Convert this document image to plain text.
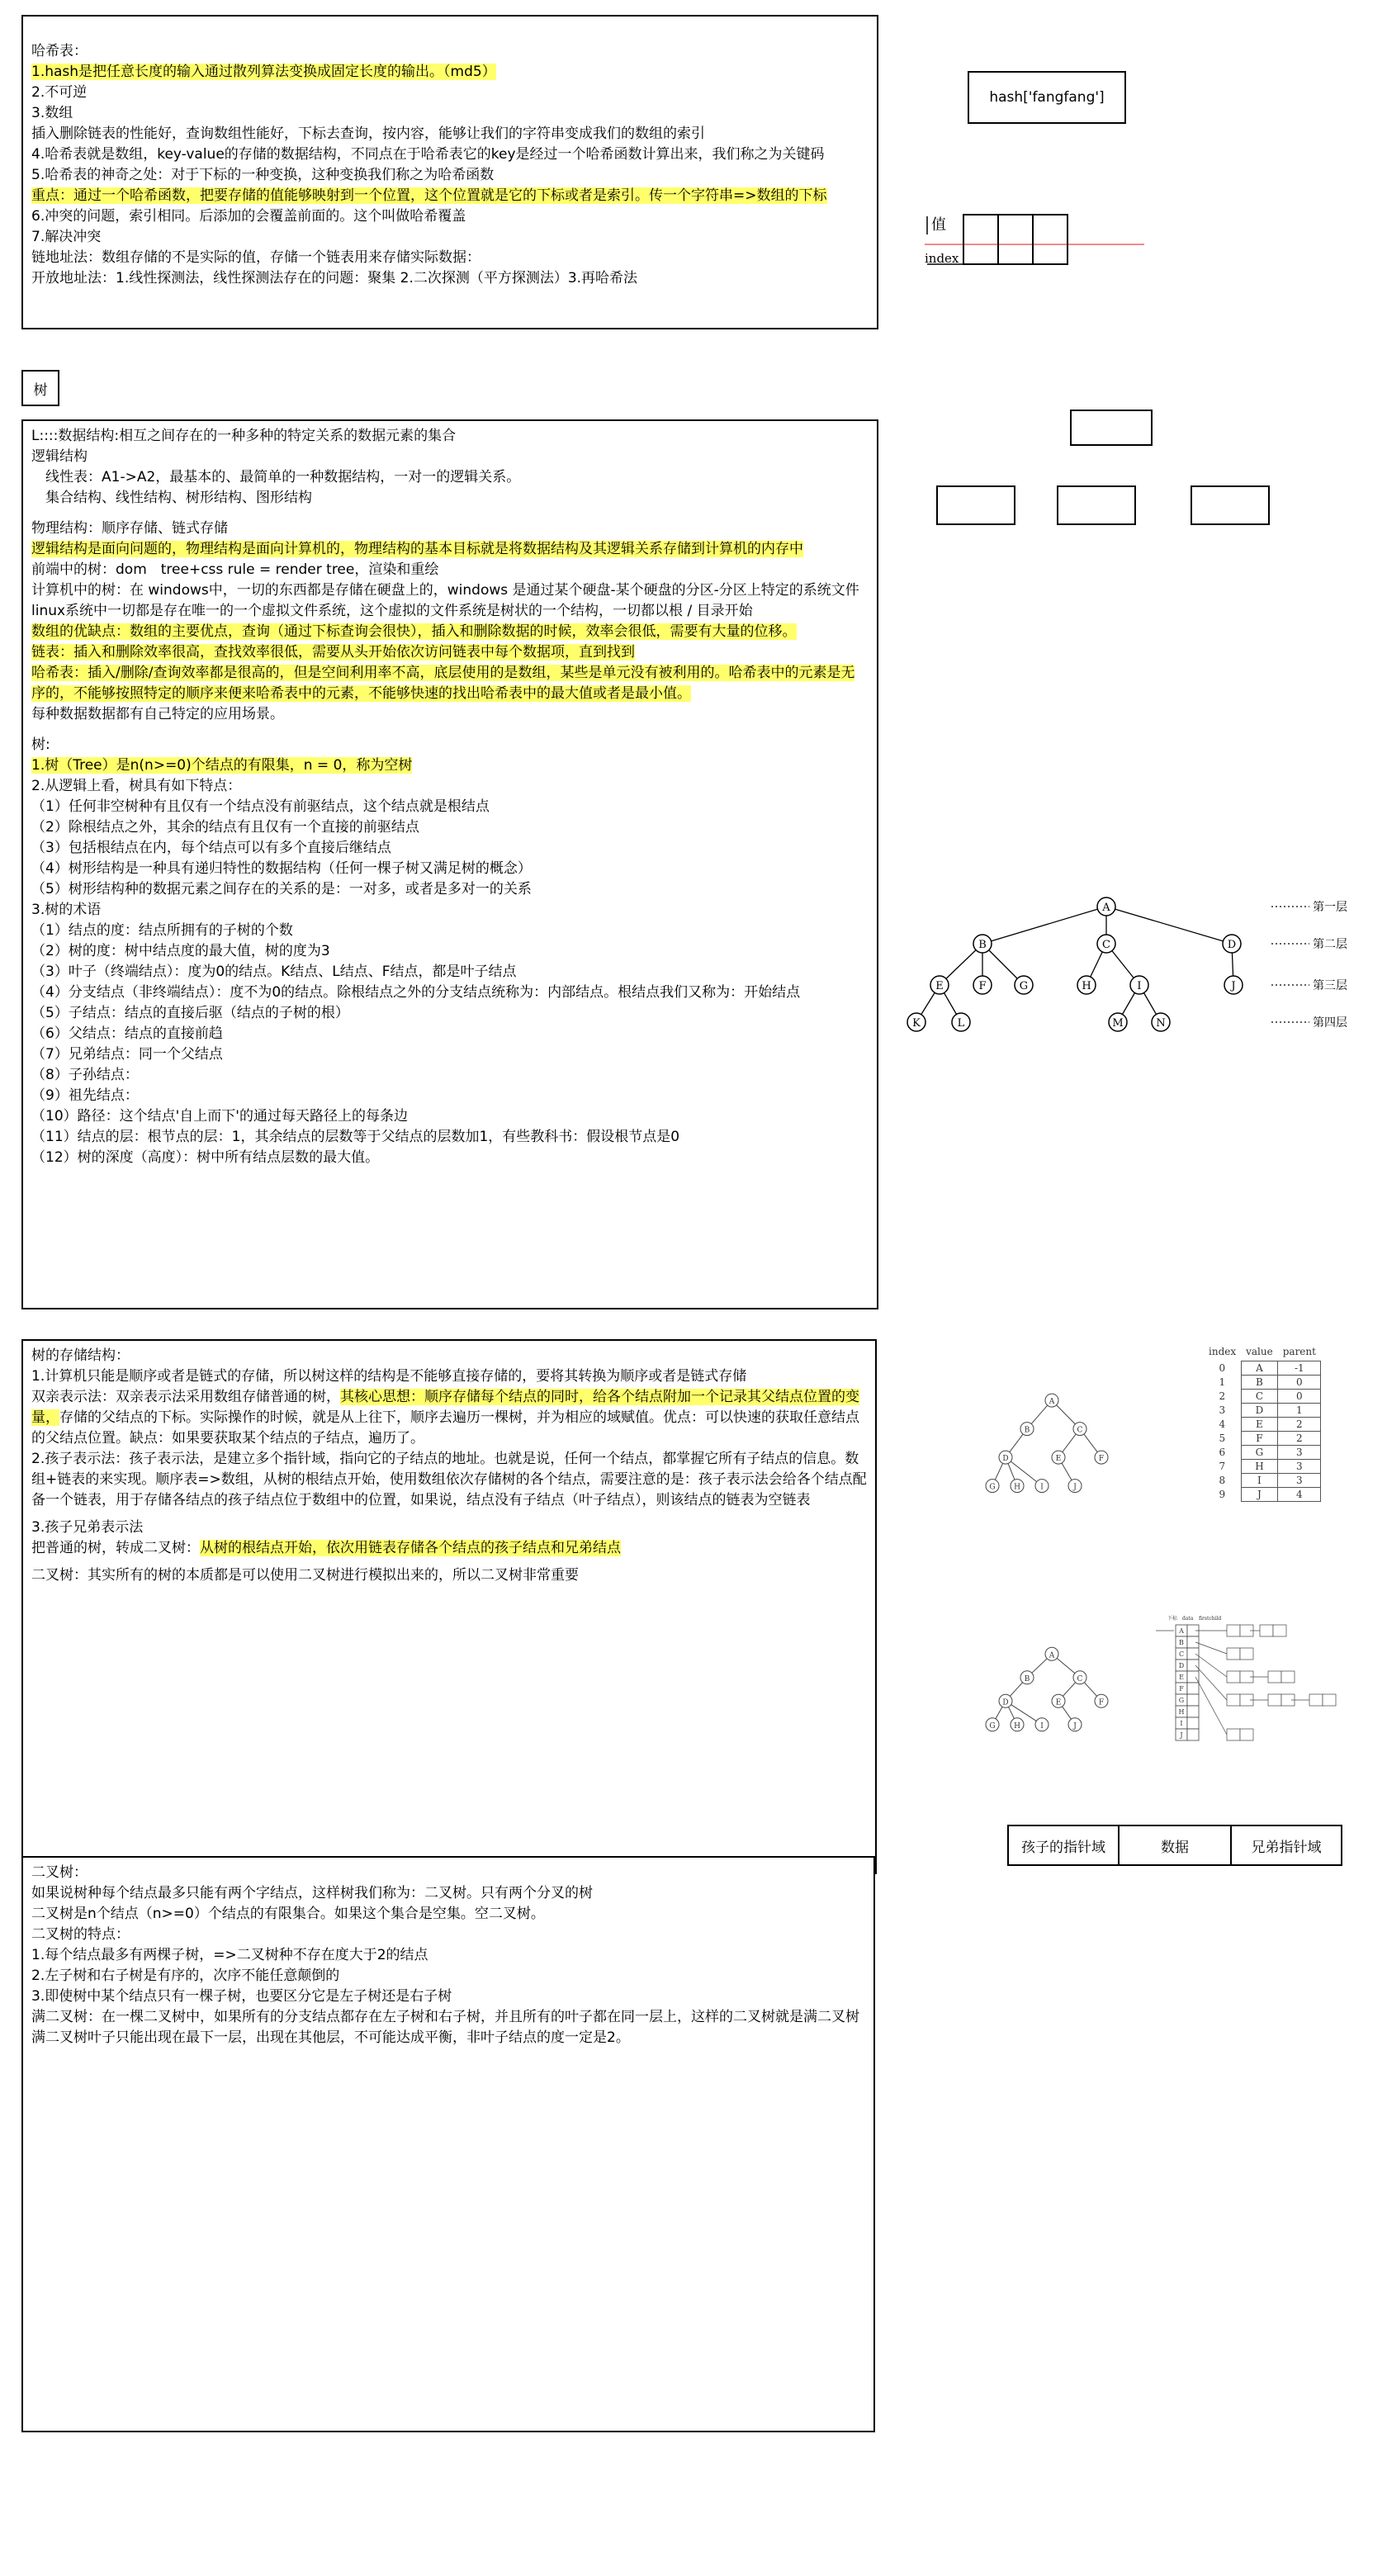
哈希表：
1.hash是把任意长度的输入通过散列算法变换成固定长度的输出。（md5）
2.不可逆
3.数组
插入删除链表的性能好，查询数组性能好，下标去查询，按内容，能够让我们的字符串变成我们的数组的索引
4.哈希表就是数组，key-value的存储的数据结构，不同点在于哈希表它的key是经过一个哈希函数计算出来，我们称之为关键码
5.哈希表的神奇之处：对于下标的一种变换，这种变换我们称之为哈希函数
重点：通过一个哈希函数，把要存储的值能够映射到一个位置，这个位置就是它的下标或者是索引。传一个字符串=>数组的下标
6.冲突的问题，索引相同。后添加的会覆盖前面的。这个叫做哈希覆盖
7.解决冲突
链地址法：数组存储的不是实际的值，存储一个链表用来存储实际数据：
开放地址法：1.线性探测法，线性探测法存在的问题：聚集 2.二次探测（平方探测法）3.再哈希法
hash['fangfang']
值
index
树
L::::数据结构:相互之间存在的一种多种的特定关系的数据元素的集合
逻辑结构
　线性表：A1->A2，最基本的、最简单的一种数据结构，一对一的逻辑关系。
　集合结构、线性结构、树形结构、图形结构
物理结构：顺序存储、链式存储
逻辑结构是面向问题的，物理结构是面向计算机的，物理结构的基本目标就是将数据结构及其逻辑关系存储到计算机的内存中
前端中的树：dom　tree+css rule = render tree，渲染和重绘
计算机中的树：在 windows中，一切的东西都是存储在硬盘上的，windows 是通过某个硬盘-某个硬盘的分区-分区上特定的系统文件
linux系统中一切都是存在唯一的一个虚拟文件系统，这个虚拟的文件系统是树状的一个结构，一切都以根 / 目录开始
数组的优缺点：数组的主要优点，查询（通过下标查询会很快），插入和删除数据的时候，效率会很低，需要有大量的位移。
链表：插入和删除效率很高，查找效率很低，需要从头开始依次访问链表中每个数据项，直到找到
哈希表：插入/删除/查询效率都是很高的，但是空间利用率不高，底层使用的是数组，某些是单元没有被利用的。哈希表中的元素是无序的，不能够按照特定的顺序来便来哈希表中的元素，不能够快速的找出哈希表中的最大值或者是最小值。
每种数据数据都有自己特定的应用场景。
树:
1.树（Tree）是n(n>=0)个结点的有限集，n = 0，称为空树
2.从逻辑上看，树具有如下特点：
（1）任何非空树种有且仅有一个结点没有前驱结点，这个结点就是根结点
（2）除根结点之外，其余的结点有且仅有一个直接的前驱结点
（3）包括根结点在内，每个结点可以有多个直接后继结点
（4）树形结构是一种具有递归特性的数据结构（任何一棵子树又满足树的概念）
（5）树形结构种的数据元素之间存在的关系的是：一对多，或者是多对一的关系
3.树的术语
（1）结点的度：结点所拥有的子树的个数
（2）树的度：树中结点度的最大值，树的度为3
（3）叶子（终端结点）：度为0的结点。K结点、L结点、F结点，都是叶子结点
（4）分支结点（非终端结点）：度不为0的结点。除根结点之外的分支结点统称为：内部结点。根结点我们又称为：开始结点
（5）子结点：结点的直接后驱（结点的子树的根）
（6）父结点：结点的直接前趋
（7）兄弟结点：同一个父结点
（8）子孙结点：
（9）祖先结点：
（10）路径：这个结点'自上而下'的通过每天路径上的每条边
（11）结点的层：根节点的层：1，其余结点的层数等于父结点的层数加1，有些教科书：假设根节点是0
（12）树的深度（高度）：树中所有结点层数的最大值。
A
B	C	D
E	F	G	H	I	J
K	L	M	N
第一层
第二层
第三层
第四层
树的存储结构：
1.计算机只能是顺序或者是链式的存储，所以树这样的结构是不能够直接存储的，要将其转换为顺序或者是链式存储
双亲表示法：双亲表示法采用数组存储普通的树，其核心思想：顺序存储每个结点的同时，给各个结点附加一个记录其父结点位置的变量，存储的父结点的下标。实际操作的时候，就是从上往下，顺序去遍历一棵树，并为相应的域赋值。优点：可以快速的获取任意结点的父结点位置。缺点：如果要获取某个结点的子结点，遍历了。
2.孩子表示法：孩子表示法，是建立多个指针域，指向它的子结点的地址。也就是说，任何一个结点，都掌握它所有子结点的信息。数组+链表的来实现。顺序表=>数组，从树的根结点开始，使用数组依次存储树的各个结点，需要注意的是：孩子表示法会给各个结点配备一个链表，用于存储各结点的孩子结点位于数组中的位置，如果说，结点没有子结点（叶子结点），则该结点的链表为空链表
3.孩子兄弟表示法
把普通的树，转成二叉树：从树的根结点开始，依次用链表存储各个结点的孩子结点和兄弟结点
二叉树：其实所有的树的本质都是可以使用二叉树进行模拟出来的，所以二叉树非常重要
A
B	C
D	E	F
G H	I	J
index	value	parent
0	A	-1
1	B	0
2	C	0
3	D	1
4	E	2
5	F	2
6	G	3
7	H	3
8	I	3
9	J	4
A
B	C
D	E	F
G H	I	J
下标 data firstchild
A
B
C
D
E
F
G
H
I
J
孩子的指针域	数据	兄弟指针域
二叉树：
如果说树种每个结点最多只能有两个字结点，这样树我们称为：二叉树。只有两个分叉的树
二叉树是n个结点（n>=0）个结点的有限集合。如果这个集合是空集。空二叉树。
二叉树的特点：
1.每个结点最多有两棵子树，=>二叉树种不存在度大于2的结点
2.左子树和右子树是有序的，次序不能任意颠倒的
3.即使树中某个结点只有一棵子树，也要区分它是左子树还是右子树
满二叉树：在一棵二叉树中，如果所有的分支结点都存在左子树和右子树，并且所有的叶子都在同一层上，这样的二叉树就是满二叉树
满二叉树叶子只能出现在最下一层，出现在其他层，不可能达成平衡，非叶子结点的度一定是2。
